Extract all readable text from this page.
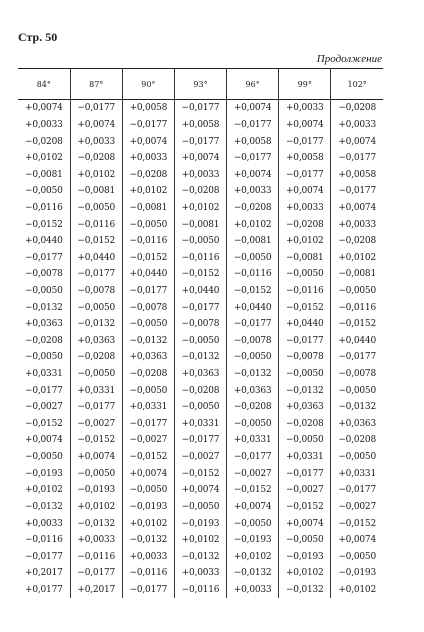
Стр. 50
Продолжение
84°	87°	90°	93°	96°	99°	102°
+0,0074	−0,0177	+0,0058	−0,0177	+0,0074	+0,0033	−0,0208
+0,0033	+0,0074	−0,0177	+0,0058	−0,0177	+0,0074	+0,0033
−0,0208	+0,0033	+0,0074	−0,0177	+0,0058	−0,0177	+0,0074
+0,0102	−0,0208	+0,0033	+0,0074	−0,0177	+0,0058	−0,0177
−0,0081	+0,0102	−0,0208	+0,0033	+0,0074	−0,0177	+0,0058
−0,0050	−0,0081	+0,0102	−0,0208	+0,0033	+0,0074	−0,0177
−0,0116	−0,0050	−0,0081	+0,0102	−0,0208	+0,0033	+0,0074
−0,0152	−0,0116	−0,0050	−0,0081	+0,0102	−0,0208	+0,0033
+0,0440	−0,0152	−0,0116	−0,0050	−0,0081	+0,0102	−0,0208
−0,0177	+0,0440	−0,0152	−0,0116	−0,0050	−0,0081	+0,0102
−0,0078	−0,0177	+0,0440	−0,0152	−0,0116	−0,0050	−0,0081
−0,0050	−0,0078	−0,0177	+0,0440	−0,0152	−0,0116	−0,0050
−0,0132	−0,0050	−0,0078	−0,0177	+0,0440	−0,0152	−0,0116
+0,0363	−0,0132	−0,0050	−0,0078	−0,0177	+0,0440	−0,0152
−0,0208	+0,0363	−0,0132	−0,0050	−0,0078	−0,0177	+0,0440
−0,0050	−0,0208	+0,0363	−0,0132	−0,0050	−0,0078	−0,0177
+0,0331	−0,0050	−0,0208	+0,0363	−0,0132	−0,0050	−0,0078
−0,0177	+0,0331	−0,0050	−0,0208	+0,0363	−0,0132	−0,0050
−0,0027	−0,0177	+0,0331	−0,0050	−0,0208	+0,0363	−0,0132
−0,0152	−0,0027	−0,0177	+0,0331	−0,0050	−0,0208	+0,0363
+0,0074	−0,0152	−0,0027	−0,0177	+0,0331	−0,0050	−0,0208
−0,0050	+0,0074	−0,0152	−0,0027	−0,0177	+0,0331	−0,0050
−0,0193	−0,0050	+0,0074	−0,0152	−0,0027	−0,0177	+0,0331
+0,0102	−0,0193	−0,0050	+0,0074	−0,0152	−0,0027	−0,0177
−0,0132	+0,0102	−0,0193	−0,0050	+0,0074	−0,0152	−0,0027
+0,0033	−0,0132	+0,0102	−0,0193	−0,0050	+0,0074	−0,0152
−0,0116	+0,0033	−0,0132	+0,0102	−0,0193	−0,0050	+0,0074
−0,0177	−0,0116	+0,0033	−0,0132	+0,0102	−0,0193	−0,0050
+0,2017	−0,0177	−0,0116	+0,0033	−0,0132	+0,0102	−0,0193
+0,0177	+0,2017	−0,0177	−0,0116	+0,0033	−0,0132	+0,0102
